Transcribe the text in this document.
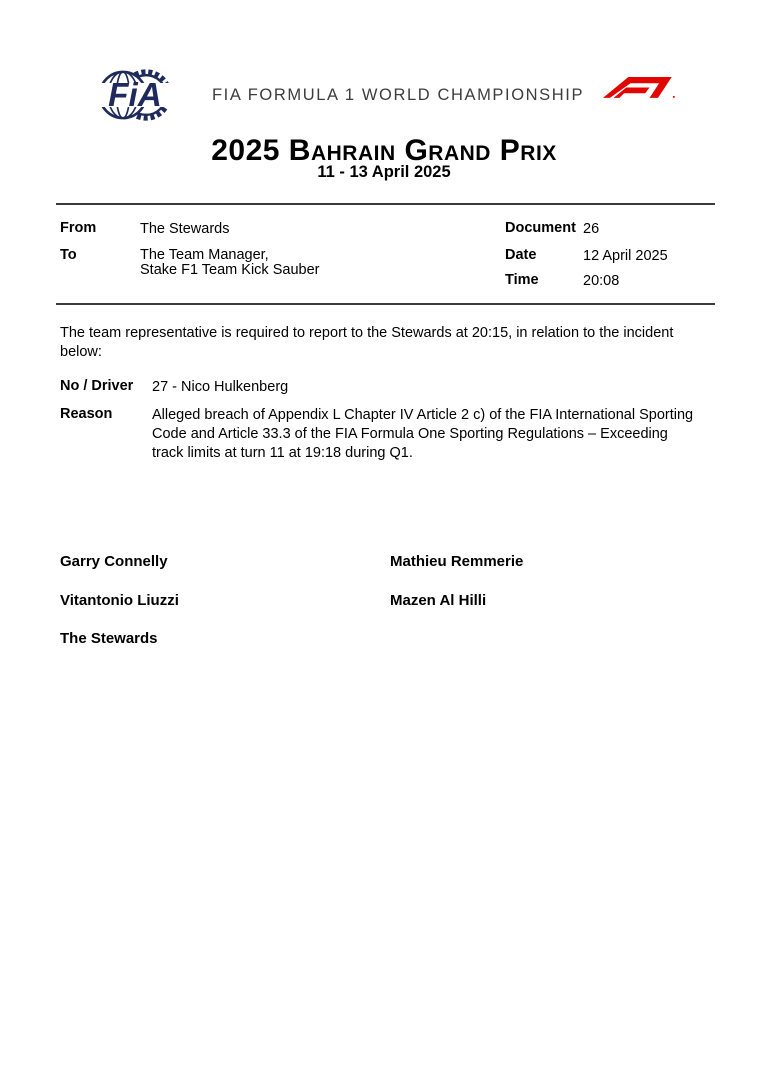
FiA	FIA FORMULA 1 WORLD CHAMPIONSHIP
2025 Bahrain Grand Prix
11 - 13 April 2025
From	The Stewards
To	The Team Manager,
Stake F1 Team Kick Sauber
Document 26
Date	12 April 2025
Time	20:08
The team representative is required to report to the Stewards at 20:15, in relation to the incident below:
No / Driver 27 - Nico Hulkenberg
Reason	Alleged breach of Appendix L Chapter IV Article 2 c) of the FIA International Sporting Code and Article 33.3 of the FIA Formula One Sporting Regulations – Exceeding track limits at turn 11 at 19:18 during Q1.
Garry Connelly	Mathieu Remmerie
Vitantonio Liuzzi	Mazen Al Hilli
The Stewards
